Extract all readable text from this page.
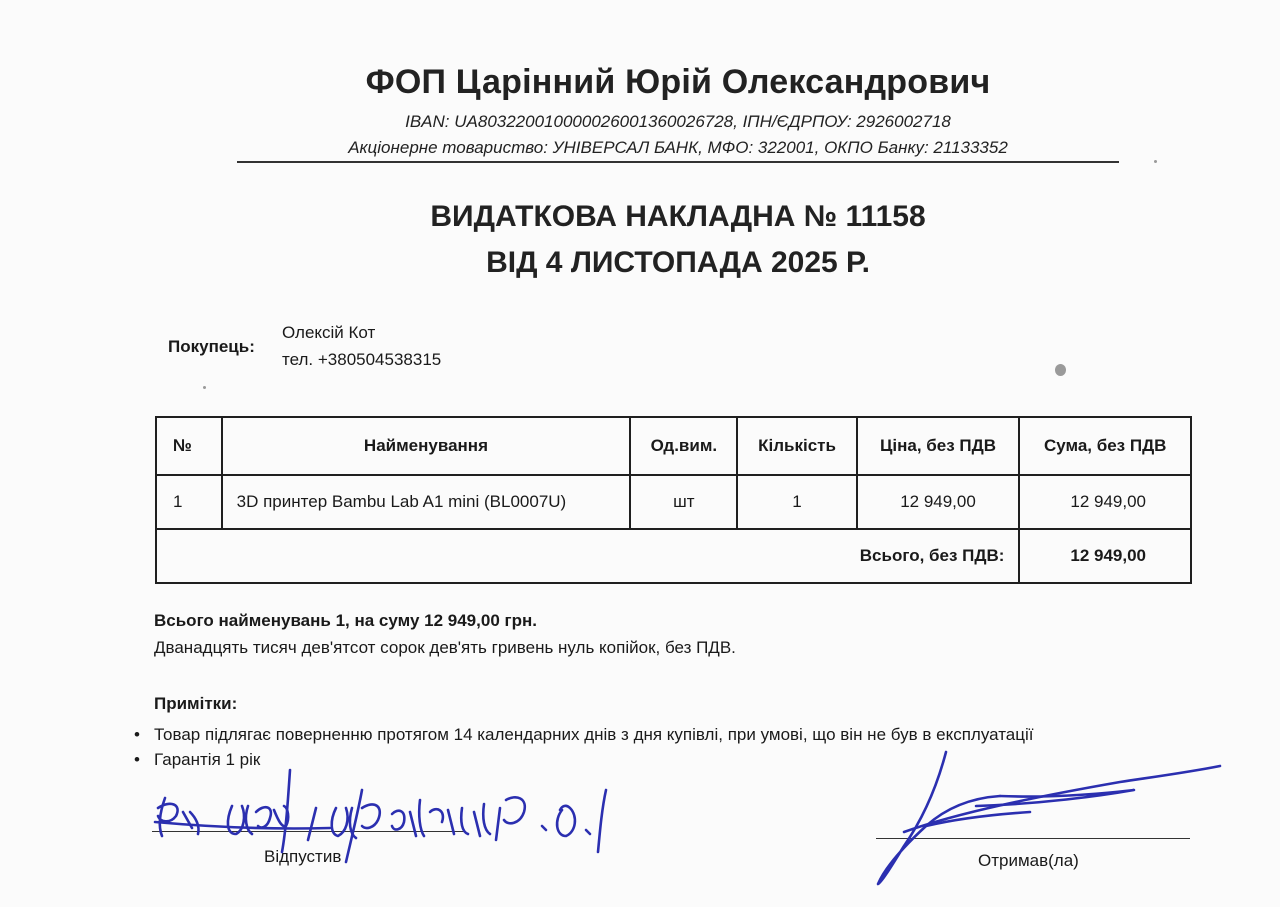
ФОП Царінний Юрій Олександрович
IBAN: UA803220010000026001360026728, ІПН/ЄДРПОУ: 2926002718
Акціонерне товариство: УНІВЕРСАЛ БАНК, МФО: 322001, ОКПО Банку: 21133352
ВИДАТКОВА НАКЛАДНА № 11158
ВІД 4 ЛИСТОПАДА 2025 Р.
Покупець:
Олексій Кот
тел. +380504538315
№	Найменування	Од.вим.	Кількість	Ціна, без ПДВ	Сума, без ПДВ
1	3D принтер Bambu Lab A1 mini (BL0007U)	шт	1	12 949,00	12 949,00
Всього, без ПДВ:					12 949,00
Всього найменувань 1, на суму 12 949,00 грн.
Дванадцять тисяч дев'ятсот сорок дев'ять гривень нуль копійок, без ПДВ.
Примітки:
• Товар підлягає поверненню протягом 14 календарних днів з дня купівлі, при умові, що він не був в експлуатації
• Гарантія 1 рік
Відпустив	Отримав(ла)
